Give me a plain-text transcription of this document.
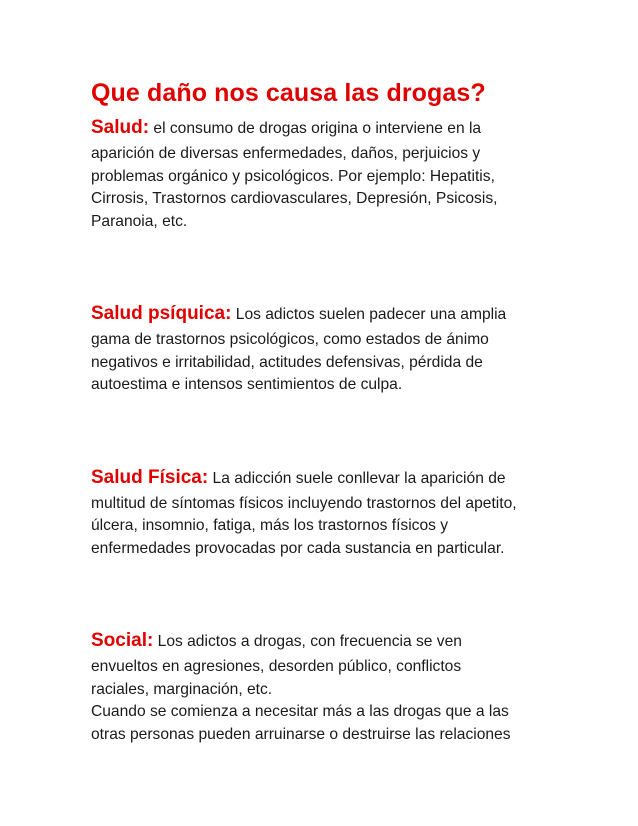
Que daño nos causa las drogas?

Salud: el consumo de drogas origina o interviene en la

aparición de diversas enfermedades, daños, perjuicios y

problemas orgánico y psicológicos. Por ejemplo: Hepatitis,

Cirrosis, Trastornos cardiovasculares, Depresión, Psicosis,

Paranoia, etc.

Salud psíquica: Los adictos suelen padecer una amplia

gama de trastornos psicológicos, como estados de ánimo

negativos e irritabilidad, actitudes defensivas, pérdida de

autoestima e intensos sentimientos de culpa.

Salud Física: La adicción suele conllevar la aparición de

multitud de síntomas físicos incluyendo trastornos del apetito,

úlcera, insomnio, fatiga, más los trastornos físicos y

enfermedades provocadas por cada sustancia en particular.

Social: Los adictos a drogas, con frecuencia se ven

envueltos en agresiones, desorden público, conflictos

raciales, marginación, etc.

Cuando se comienza a necesitar más a las drogas que a las

otras personas pueden arruinarse o destruirse las relaciones
